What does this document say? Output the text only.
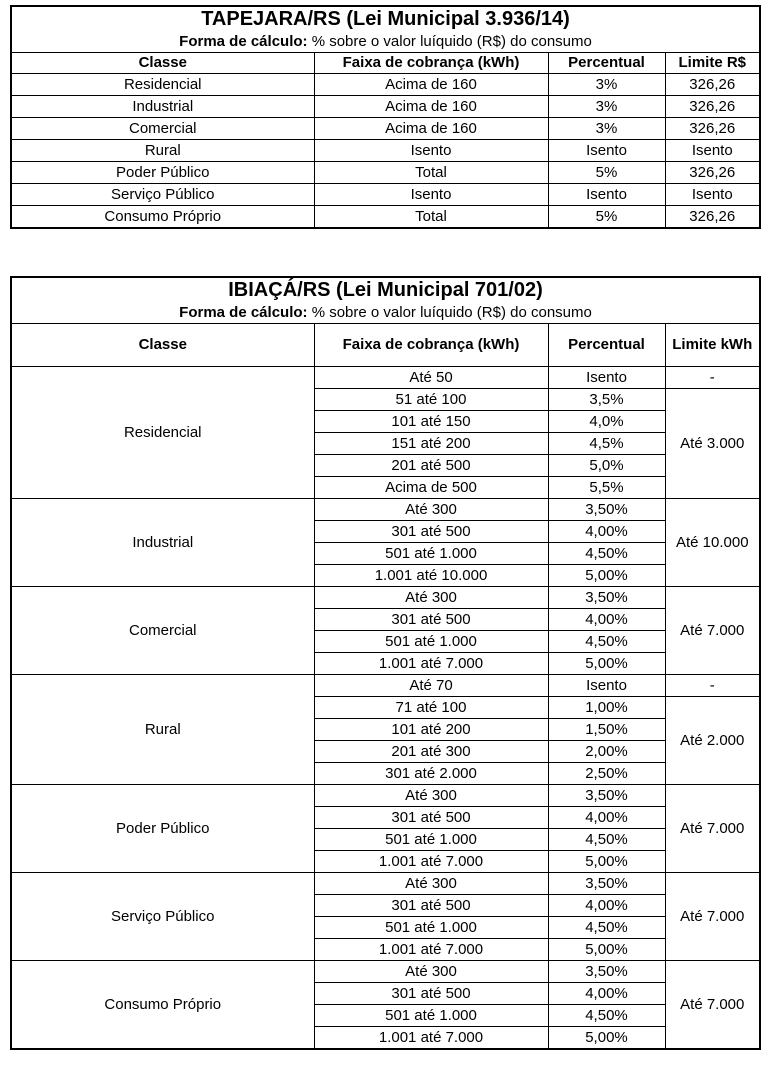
TAPEJARA/RS (Lei Municipal 3.936/14)			
Forma de cálculo: % sobre o valor luíquido (R$) do consumo			
Classe	Faixa de cobrança (kWh)	Percentual	Limite R$
Residencial	Acima de 160	3%	326,26
Industrial	Acima de 160	3%	326,26
Comercial	Acima de 160	3%	326,26
Rural	Isento	Isento	Isento
Poder Público	Total	5%	326,26
Serviço Público	Isento	Isento	Isento
Consumo Próprio	Total	5%	326,26
IBIAÇÁ/RS (Lei Municipal 701/02)			
Forma de cálculo: % sobre o valor luíquido (R$) do consumo			
Classe	Faixa de cobrança (kWh)	Percentual	Limite kWh
Residencial	Até 50	Isento	-
	51 até 100	3,5%	Até 3.000
	101 até 150	4,0%	
	151 até 200	4,5%	
	201 até 500	5,0%	
	Acima de 500	5,5%	
Industrial	Até 300	3,50%	Até 10.000
	301 até 500	4,00%	
	501 até 1.000	4,50%	
	1.001 até 10.000	5,00%	
Comercial	Até 300	3,50%	Até 7.000
	301 até 500	4,00%	
	501 até 1.000	4,50%	
	1.001 até 7.000	5,00%	
Rural	Até 70	Isento	-
	71 até 100	1,00%	Até 2.000
	101 até 200	1,50%	
	201 até 300	2,00%	
	301 até 2.000	2,50%	
Poder Público	Até 300	3,50%	Até 7.000
	301 até 500	4,00%	
	501 até 1.000	4,50%	
	1.001 até 7.000	5,00%	
Serviço Público	Até 300	3,50%	Até 7.000
	301 até 500	4,00%	
	501 até 1.000	4,50%	
	1.001 até 7.000	5,00%	
Consumo Próprio	Até 300	3,50%	Até 7.000
	301 até 500	4,00%	
	501 até 1.000	4,50%	
	1.001 até 7.000	5,00%	
